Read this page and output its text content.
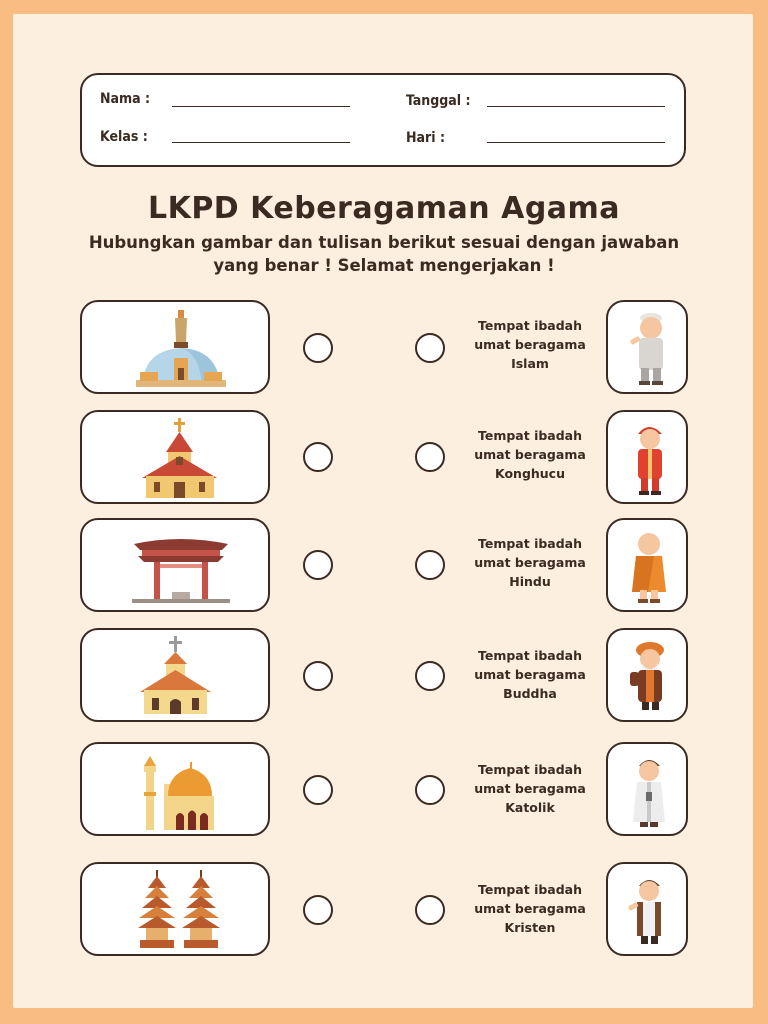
Nama :
Kelas :
Tanggal :
Hari :
LKPD Keberagaman Agama
Hubungkan gambar dan tulisan berikut sesuai dengan jawaban
yang benar ! Selamat mengerjakan !
Tempat ibadah
umat beragama
Islam
Tempat ibadah
umat beragama
Konghucu
Tempat ibadah
umat beragama
Hindu
Tempat ibadah
umat beragama
Buddha
Tempat ibadah
umat beragama
Katolik
Tempat ibadah
umat beragama
Kristen
